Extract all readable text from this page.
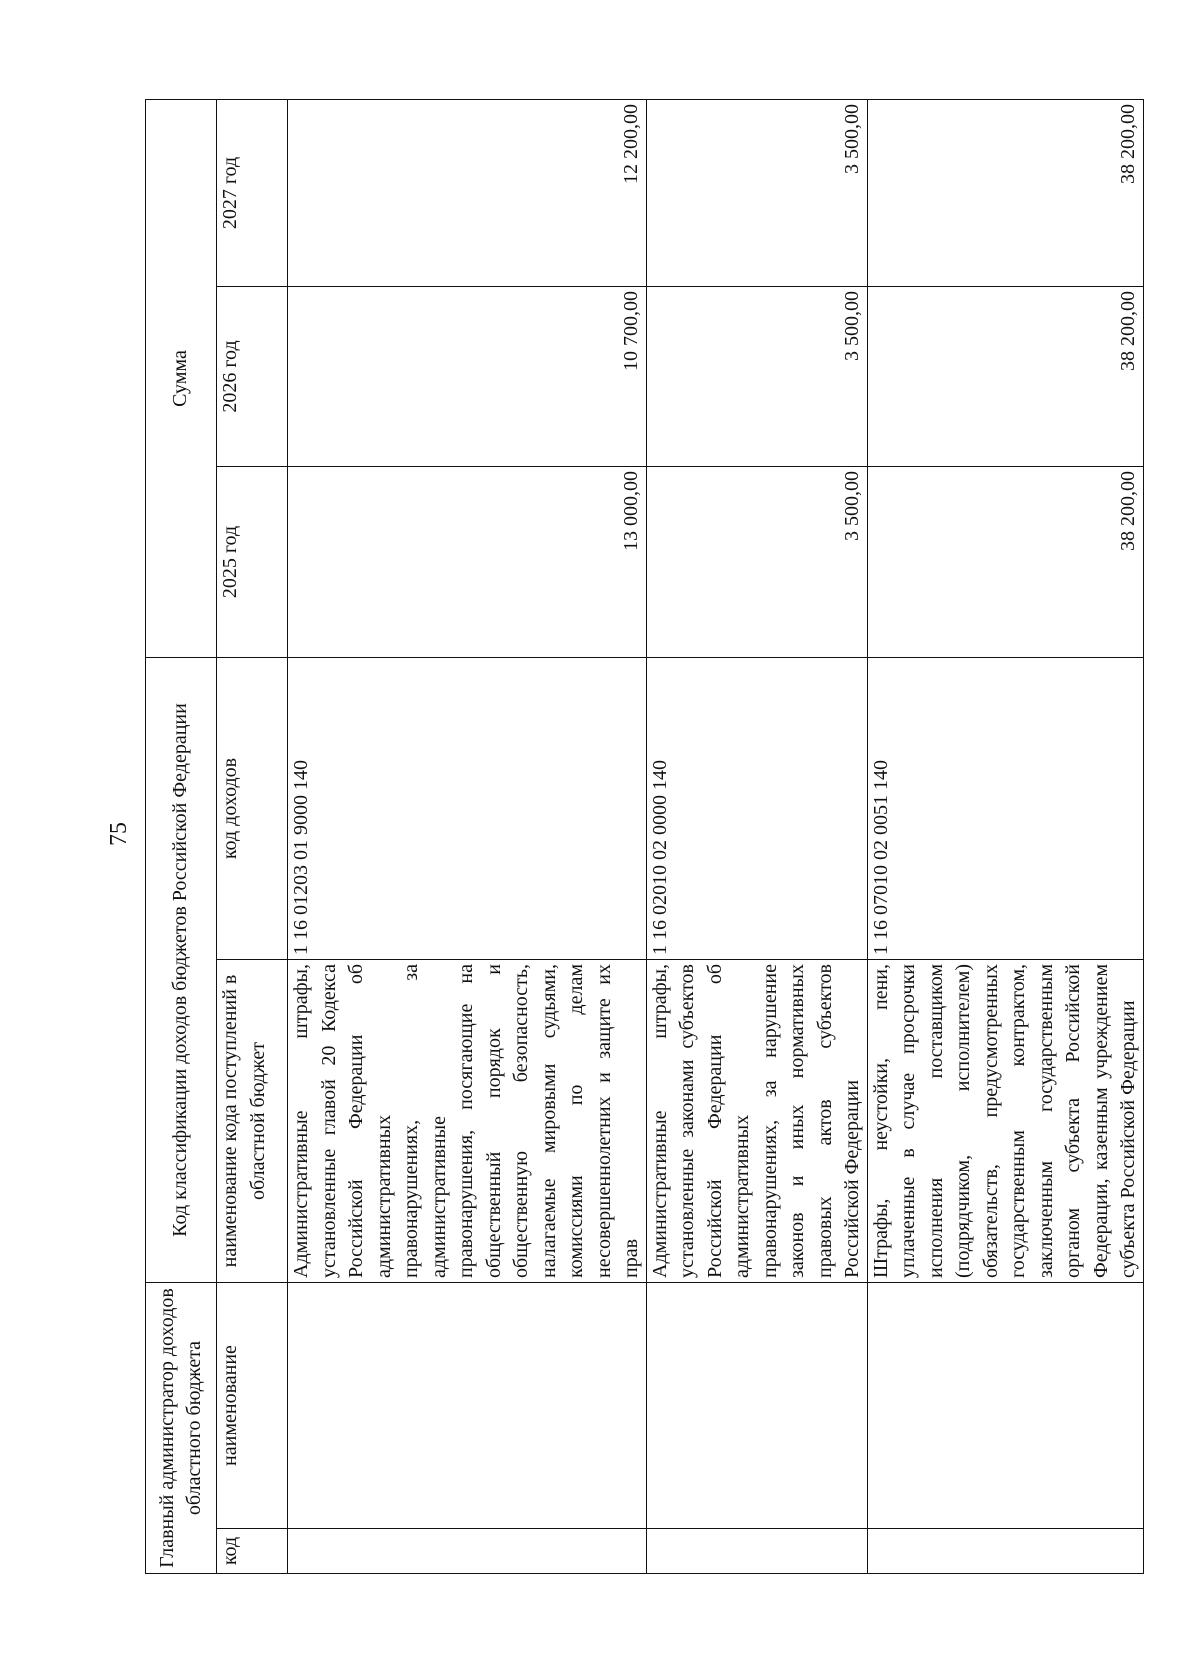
75
Главный администратор доходов областного бюджета		Код классификации доходов бюджетов Российской Федерации		Сумма		
код	наименование	наименование кода поступлений в областной бюджет	код доходов	2025 год	2026 год	2027 год

		Административные штрафы, установленные главой 20 Кодекса Российской Федерации об административных правонарушениях, за административные правонарушения, посягающие на общественный порядок и общественную безопасность, налагаемые мировыми судьями, комиссиями по делам несовершеннолетних и защите их прав	1 16 01203 01 9000 140	13 000,00	10 700,00	12 200,00

		Административные штрафы, установленные законами субъектов Российской Федерации об административных правонарушениях, за нарушение законов и иных нормативных правовых актов субъектов Российской Федерации	1 16 02010 02 0000 140	3 500,00	3 500,00	3 500,00

		Штрафы, неустойки, пени, уплаченные в случае просрочки исполнения поставщиком (подрядчиком, исполнителем) обязательств, предусмотренных государственным контрактом, заключенным государственным органом субъекта Российской Федерации, казенным учреждением субъекта Российской Федерации	1 16 07010 02 0051 140	38 200,00	38 200,00	38 200,00
